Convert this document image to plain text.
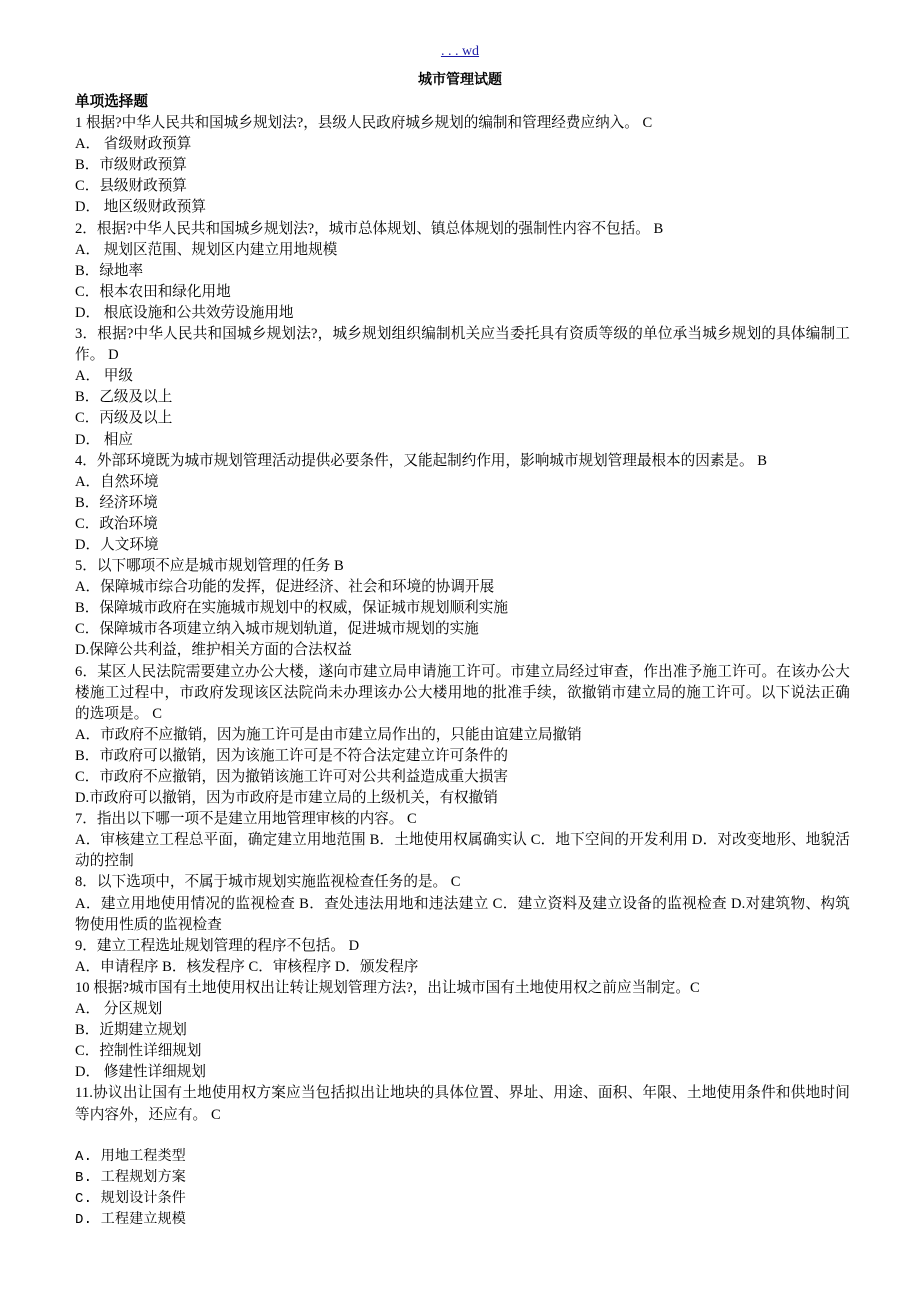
. . . wd
城市管理试题
单项选择题
1 根据?中华人民共和国城乡规划法?，县级人民政府城乡规划的编制和管理经费应纳入。 C
A． 省级财政预算
B．市级财政预算
C．县级财政预算
D． 地区级财政预算
2．根据?中华人民共和国城乡规划法?，城市总体规划、镇总体规划的强制性内容不包括。 B
A． 规划区范围、规划区内建立用地规模
B．绿地率
C．根本农田和绿化用地
D． 根底设施和公共效劳设施用地
3．根据?中华人民共和国城乡规划法?，城乡规划组织编制机关应当委托具有资质等级的单位承当城乡规划的具体编制工作。 D
A． 甲级
B．乙级及以上
C．丙级及以上
D． 相应
4．外部环境既为城市规划管理活动提供必要条件，又能起制约作用，影响城市规划管理最根本的因素是。 B
A．自然环境
B．经济环境
C．政治环境
D．人文环境
5．以下哪项不应是城市规划管理的任务 B
A．保障城市综合功能的发挥，促进经济、社会和环境的协调开展
B．保障城市政府在实施城市规划中的权威，保证城市规划顺利实施
C．保障城市各项建立纳入城市规划轨道，促进城市规划的实施
D.保障公共利益，维护相关方面的合法权益
6．某区人民法院需要建立办公大楼，遂向市建立局申请施工许可。市建立局经过审查，作出准予施工许可。在该办公大楼施工过程中，市政府发现该区法院尚未办理该办公大楼用地的批准手续，欲撤销市建立局的施工许可。以下说法正确的选项是。 C
A．市政府不应撤销，因为施工许可是由市建立局作出的，只能由谊建立局撤销
B．市政府可以撤销，因为该施工许可是不符合法定建立许可条件的
C．市政府不应撤销，因为撤销该施工许可对公共利益造成重大损害
D.市政府可以撤销，因为市政府是市建立局的上级机关，有权撤销
7．指出以下哪一项不是建立用地管理审核的内容。 C
A．审核建立工程总平面，确定建立用地范围 B．土地使用权属确实认 C．地下空间的开发利用 D．对改变地形、地貌活动的控制
8．以下选项中，不属于城市规划实施监视检查任务的是。 C
A．建立用地使用情况的监视检查 B．查处违法用地和违法建立 C．建立资料及建立设备的监视检查 D.对建筑物、构筑物使用性质的监视检查
9．建立工程选址规划管理的程序不包括。 D
A．申请程序 B．核发程序 C．审核程序 D．颁发程序
10 根据?城市国有土地使用权出让转让规划管理方法?，出让城市国有土地使用权之前应当制定。C
A． 分区规划
B．近期建立规划
C．控制性详细规划
D． 修建性详细规划
11.协议出让国有土地使用权方案应当包括拟出让地块的具体位置、界址、用途、面积、年限、土地使用条件和供地时间等内容外，还应有。 C
A. 用地工程类型
B. 工程规划方案
C. 规划设计条件
D. 工程建立规模
